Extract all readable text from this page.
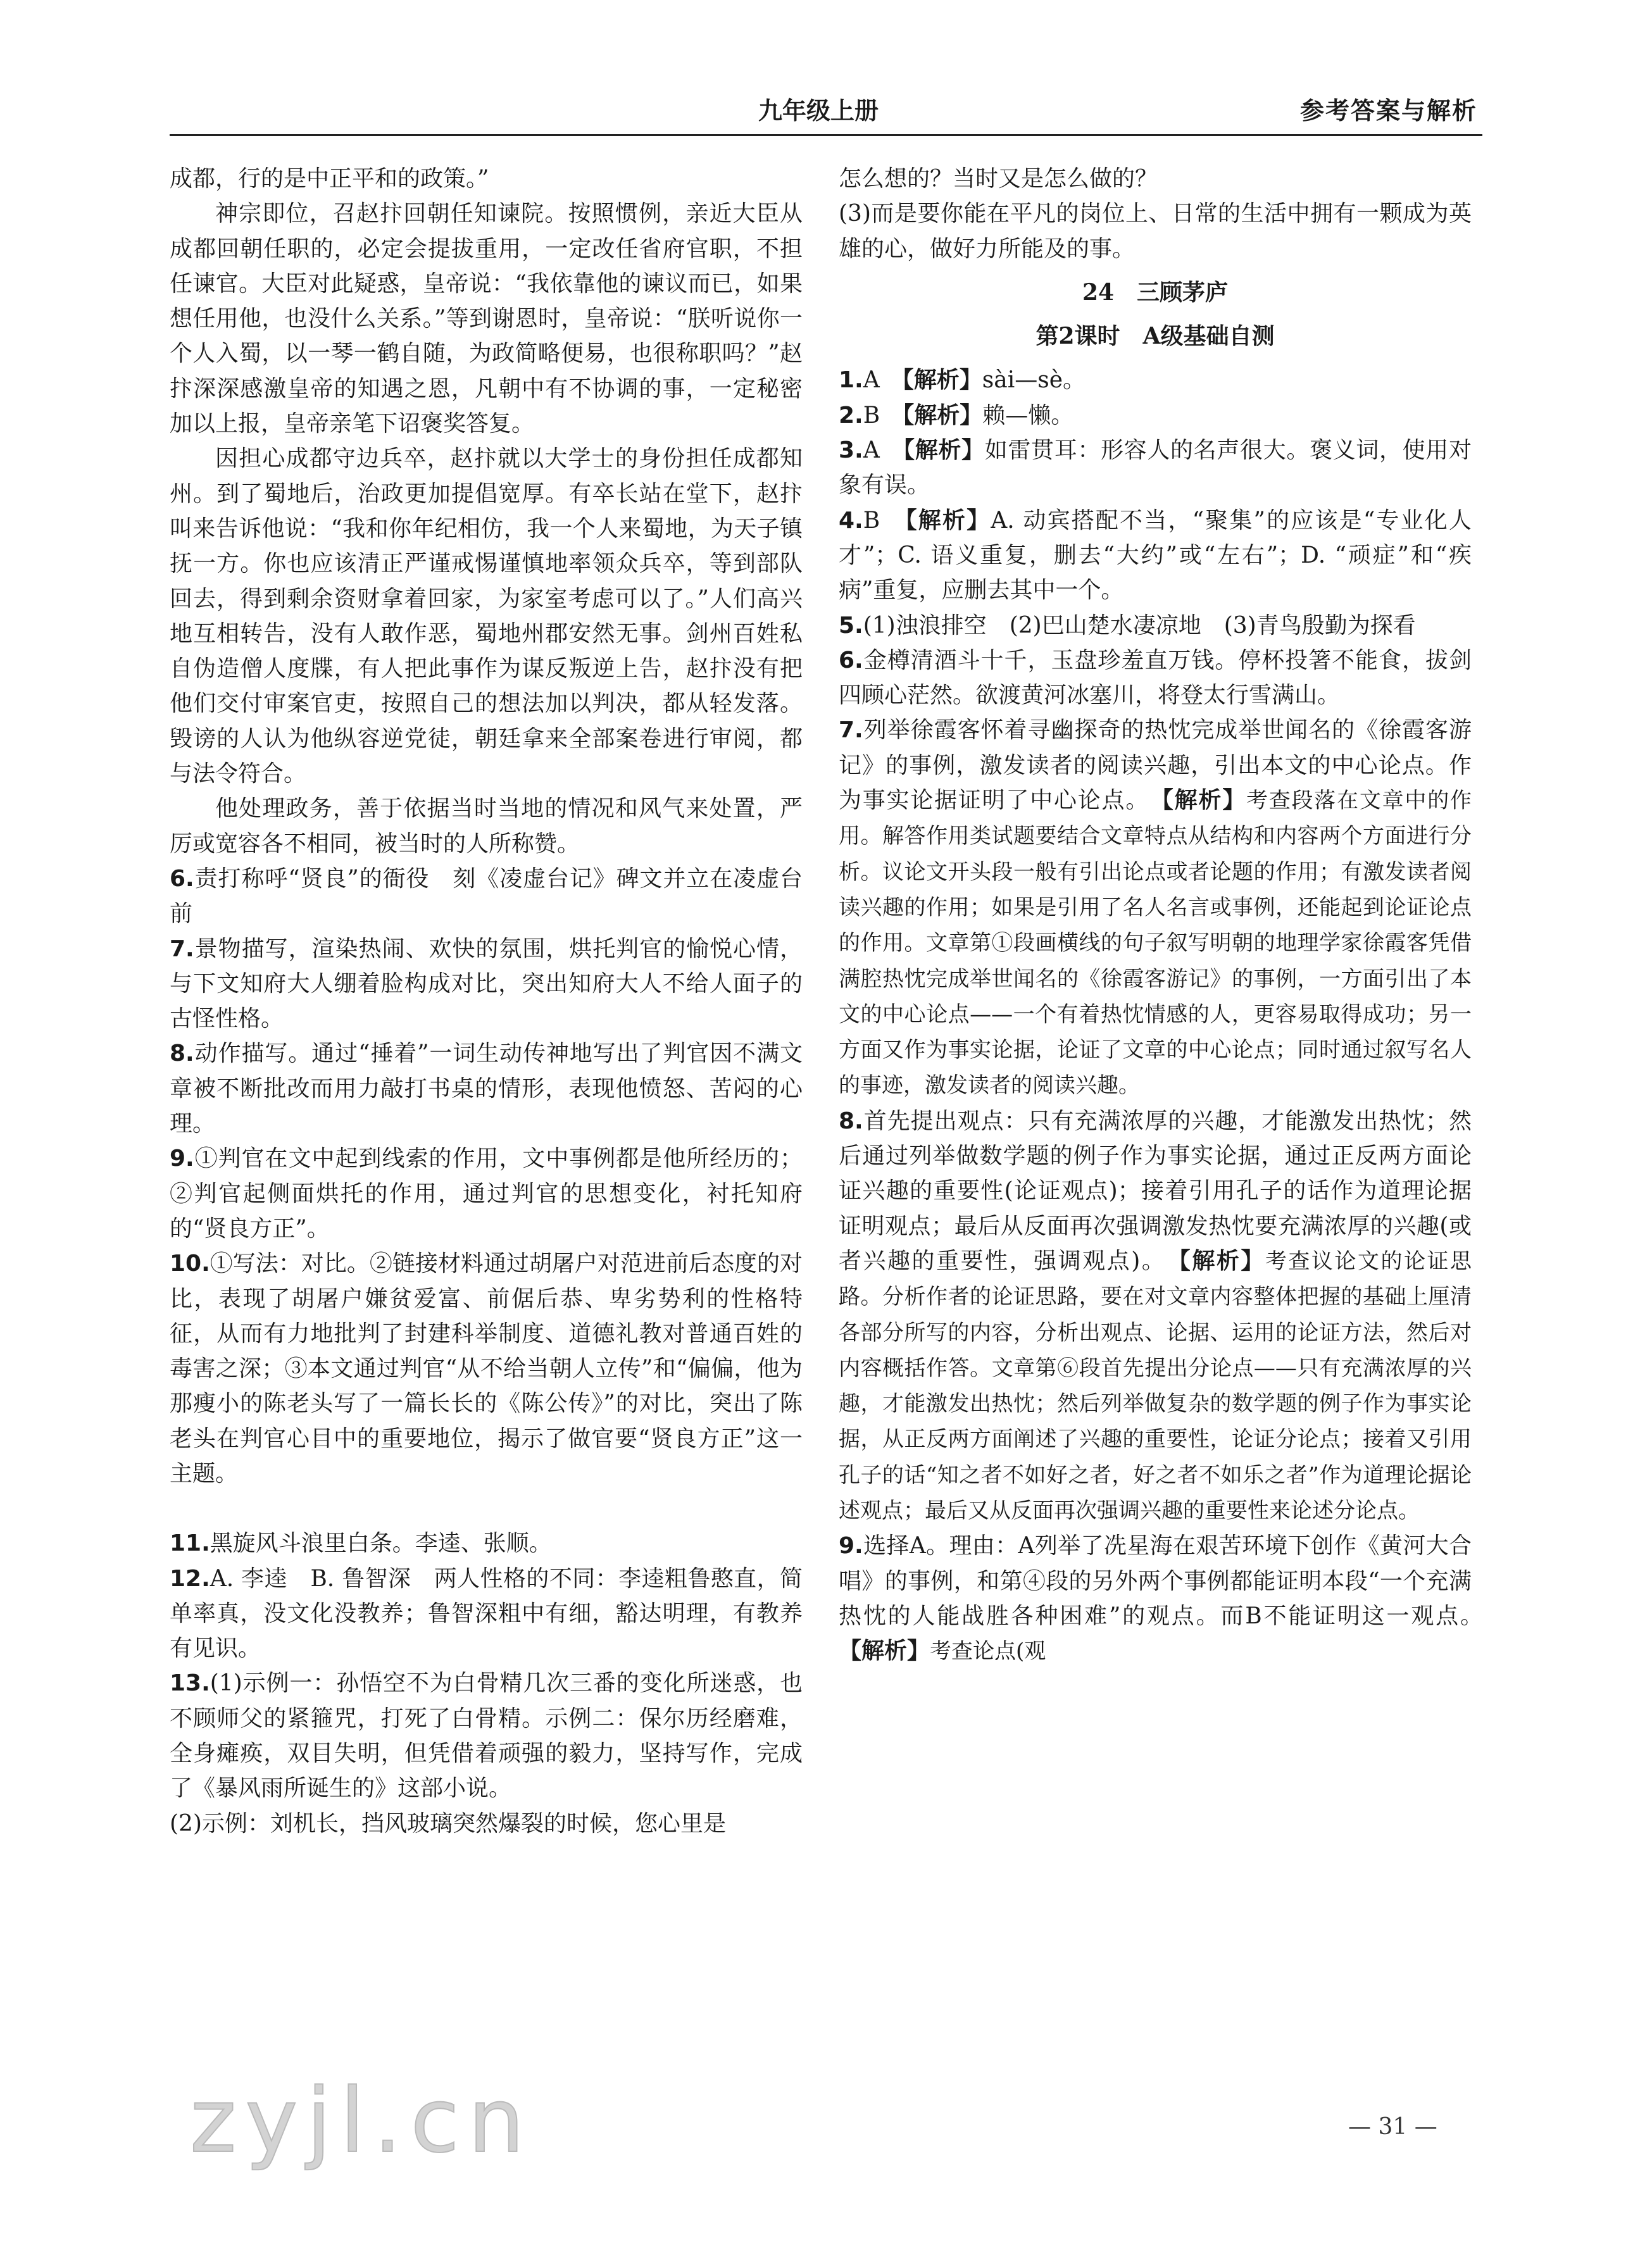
九年级上册	参考答案与解析

成都，行的是中正平和的政策。”

神宗即位，召赵抃回朝任知谏院。按照惯例，亲近大臣从成都回朝任职的，必定会提拔重用，一定改任省府官职，不担任谏官。大臣对此疑惑，皇帝说：“我依靠他的谏议而已，如果想任用他，也没什么关系。”等到谢恩时，皇帝说：“朕听说你一个人入蜀，以一琴一鹤自随，为政简略便易，也很称职吗？”赵抃深深感激皇帝的知遇之恩，凡朝中有不协调的事，一定秘密加以上报，皇帝亲笔下诏褒奖答复。

因担心成都守边兵卒，赵抃就以大学士的身份担任成都知州。到了蜀地后，治政更加提倡宽厚。有卒长站在堂下，赵抃叫来告诉他说：“我和你年纪相仿，我一个人来蜀地，为天子镇抚一方。你也应该清正严谨戒惕谨慎地率领众兵卒，等到部队回去，得到剩余资财拿着回家，为家室考虑可以了。”人们高兴地互相转告，没有人敢作恶，蜀地州郡安然无事。剑州百姓私自伪造僧人度牒，有人把此事作为谋反叛逆上告，赵抃没有把他们交付审案官吏，按照自己的想法加以判决，都从轻发落。毁谤的人认为他纵容逆党徒，朝廷拿来全部案卷进行审阅，都与法令符合。

他处理政务，善于依据当时当地的情况和风气来处置，严厉或宽容各不相同，被当时的人所称赞。

6.责打称呼“贤良”的衙役　刻《凌虚台记》碑文并立在凌虚台前

7.景物描写，渲染热闹、欢快的氛围，烘托判官的愉悦心情，与下文知府大人绷着脸构成对比，突出知府大人不给人面子的古怪性格。

8.动作描写。通过“捶着”一词生动传神地写出了判官因不满文章被不断批改而用力敲打书桌的情形，表现他愤怒、苦闷的心理。

9.①判官在文中起到线索的作用，文中事例都是他所经历的；②判官起侧面烘托的作用，通过判官的思想变化，衬托知府的“贤良方正”。

10.①写法：对比。②链接材料通过胡屠户对范进前后态度的对比，表现了胡屠户嫌贫爱富、前倨后恭、卑劣势利的性格特征，从而有力地批判了封建科举制度、道德礼教对普通百姓的毒害之深；③本文通过判官“从不给当朝人立传”和“偏偏，他为那瘦小的陈老头写了一篇长长的《陈公传》”的对比，突出了陈老头在判官心目中的重要地位，揭示了做官要“贤良方正”这一主题。

11.黑旋风斗浪里白条。李逵、张顺。

12.A. 李逵　B. 鲁智深　两人性格的不同：李逵粗鲁憨直，简单率真，没文化没教养；鲁智深粗中有细，豁达明理，有教养有见识。

13.(1)示例一：孙悟空不为白骨精几次三番的变化所迷惑，也不顾师父的紧箍咒，打死了白骨精。示例二：保尔历经磨难，全身瘫痪，双目失明，但凭借着顽强的毅力，坚持写作，完成了《暴风雨所诞生的》这部小说。

(2)示例：刘机长，挡风玻璃突然爆裂的时候，您心里是

怎么想的？当时又是怎么做的？

(3)而是要你能在平凡的岗位上、日常的生活中拥有一颗成为英雄的心，做好力所能及的事。

24　三顾茅庐

第2课时　A级基础自测

1.A　 【解析】sài—sè。

2.B　 【解析】赖—懒。

3.A　 【解析】如雷贯耳：形容人的名声很大。褒义词，使用对象有误。

4.B　 【解析】A. 动宾搭配不当，“聚集”的应该是“专业化人才”；C. 语义重复，删去“大约”或“左右”；D. “顽症”和“疾病”重复，应删去其中一个。

5.(1)浊浪排空　(2)巴山楚水凄凉地　(3)青鸟殷勤为探看

6.金樽清酒斗十千，玉盘珍羞直万钱。停杯投箸不能食，拔剑四顾心茫然。欲渡黄河冰塞川，将登太行雪满山。

7.列举徐霞客怀着寻幽探奇的热忱完成举世闻名的《徐霞客游记》的事例，激发读者的阅读兴趣，引出本文的中心论点。作为事实论据证明了中心论点。　 【解析】考查段落在文章中的作用。解答作用类试题要结合文章特点从结构和内容两个方面进行分析。议论文开头段一般有引出论点或者论题的作用；有激发读者阅读兴趣的作用；如果是引用了名人名言或事例，还能起到论证论点的作用。文章第①段画横线的句子叙写明朝的地理学家徐霞客凭借满腔热忱完成举世闻名的《徐霞客游记》的事例，一方面引出了本文的中心论点——一个有着热忱情感的人，更容易取得成功；另一方面又作为事实论据，论证了文章的中心论点；同时通过叙写名人的事迹，激发读者的阅读兴趣。

8.首先提出观点：只有充满浓厚的兴趣，才能激发出热忱；然后通过列举做数学题的例子作为事实论据，通过正反两方面论证兴趣的重要性(论证观点)；接着引用孔子的话作为道理论据证明观点；最后从反面再次强调激发热忱要充满浓厚的兴趣(或者兴趣的重要性，强调观点)。　 【解析】考查议论文的论证思路。分析作者的论证思路，要在对文章内容整体把握的基础上厘清各部分所写的内容，分析出观点、论据、运用的论证方法，然后对内容概括作答。文章第⑥段首先提出分论点——只有充满浓厚的兴趣，才能激发出热忱；然后列举做复杂的数学题的例子作为事实论据，从正反两方面阐述了兴趣的重要性，论证分论点；接着又引用孔子的话“知之者不如好之者，好之者不如乐之者”作为道理论据论述观点；最后又从反面再次强调兴趣的重要性来论述分论点。

9.选择A。理由：A列举了冼星海在艰苦环境下创作《黄河大合唱》的事例，和第④段的另外两个事例都能证明本段“一个充满热忱的人能战胜各种困难”的观点。而B不能证明这一观点。　【解析】考查论点(观

zyjl.cn	— 31 —
